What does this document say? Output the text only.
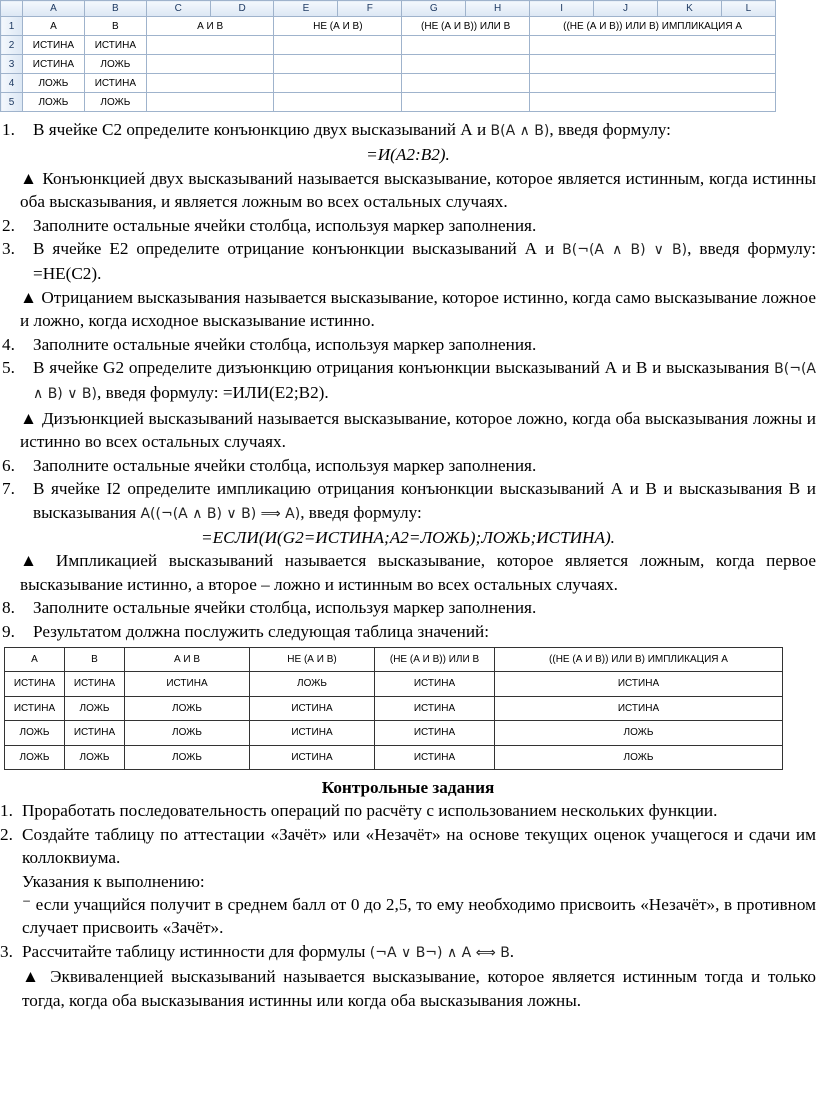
	A	B	C	D	E	F	G	H	I	J	K	L
1	A	B	А И В		НЕ (А И В)		(НЕ (А И В)) ИЛИ В		((НЕ (А И В)) ИЛИ В) ИМПЛИКАЦИЯ А			
2	ИСТИНА	ИСТИНА										
3	ИСТИНА	ЛОЖЬ										
4	ЛОЖЬ	ИСТИНА										
5	ЛОЖЬ	ЛОЖЬ										
1. В ячейке C2 определите конъюнкцию двух высказываний А и B(A ∧ B), введя формулу:
=И(A2:B2).
▲ Конъюнкцией двух высказываний называется высказывание, которое является истинным, когда истинны оба высказывания, и является ложным во всех остальных случаях.
2. Заполните остальные ячейки столбца, используя маркер заполнения.
3. В ячейке E2 определите отрицание конъюнкции высказываний А и B(¬(A ∧ B) ∨ B), введя формулу: =НЕ(C2).
▲ Отрицанием высказывания называется высказывание, которое истинно, когда само высказывание ложное и ложно, когда исходное высказывание истинно.
4. Заполните остальные ячейки столбца, используя маркер заполнения.
5. В ячейке G2 определите дизъюнкцию отрицания конъюнкции высказываний А и В и высказывания B(¬(A ∧ B) ∨ B), введя формулу: =ИЛИ(E2;B2).
▲ Дизъюнкцией высказываний называется высказывание, которое ложно, когда оба высказывания ложны и истинно во всех остальных случаях.
6. Заполните остальные ячейки столбца, используя маркер заполнения.
7. В ячейке I2 определите импликацию отрицания конъюнкции высказываний А и В и высказывания В и высказывания A((¬(A ∧ B) ∨ B) ⟹ A), введя формулу:
=ЕСЛИ(И(G2=ИСТИНА;A2=ЛОЖЬ);ЛОЖЬ;ИСТИНА).
▲ Импликацией высказываний называется высказывание, которое является ложным, когда первое высказывание истинно, а второе – ложно и истинным во всех остальных случаях.
8. Заполните остальные ячейки столбца, используя маркер заполнения.
9. Результатом должна послужить следующая таблица значений:
A	B	А И В	НЕ (А И В)	(НЕ (А И В)) ИЛИ В	((НЕ (А И В)) ИЛИ В) ИМПЛИКАЦИЯ А
ИСТИНА	ИСТИНА	ИСТИНА	ЛОЖЬ	ИСТИНА	ИСТИНА
ИСТИНА	ЛОЖЬ	ЛОЖЬ	ИСТИНА	ИСТИНА	ИСТИНА
ЛОЖЬ	ИСТИНА	ЛОЖЬ	ИСТИНА	ИСТИНА	ЛОЖЬ
ЛОЖЬ	ЛОЖЬ	ЛОЖЬ	ИСТИНА	ИСТИНА	ЛОЖЬ
Контрольные задания
1. Проработать последовательность операций по расчёту с использованием нескольких функции.
2. Создайте таблицу по аттестации «Зачёт» или «Незачёт» на основе текущих оценок учащегося и сдачи им коллоквиума.
Указания к выполнению:
⁻ если учащийся получит в среднем балл от 0 до 2,5, то ему необходимо присвоить «Незачёт», в противном случает присвоить «Зачёт».
3. Рассчитайте таблицу истинности для формулы (¬A ∨ B¬) ∧ A ⟺ B.
▲ Эквиваленцией высказываний называется высказывание, которое является истинным тогда и только тогда, когда оба высказывания истинны или когда оба высказывания ложны.
